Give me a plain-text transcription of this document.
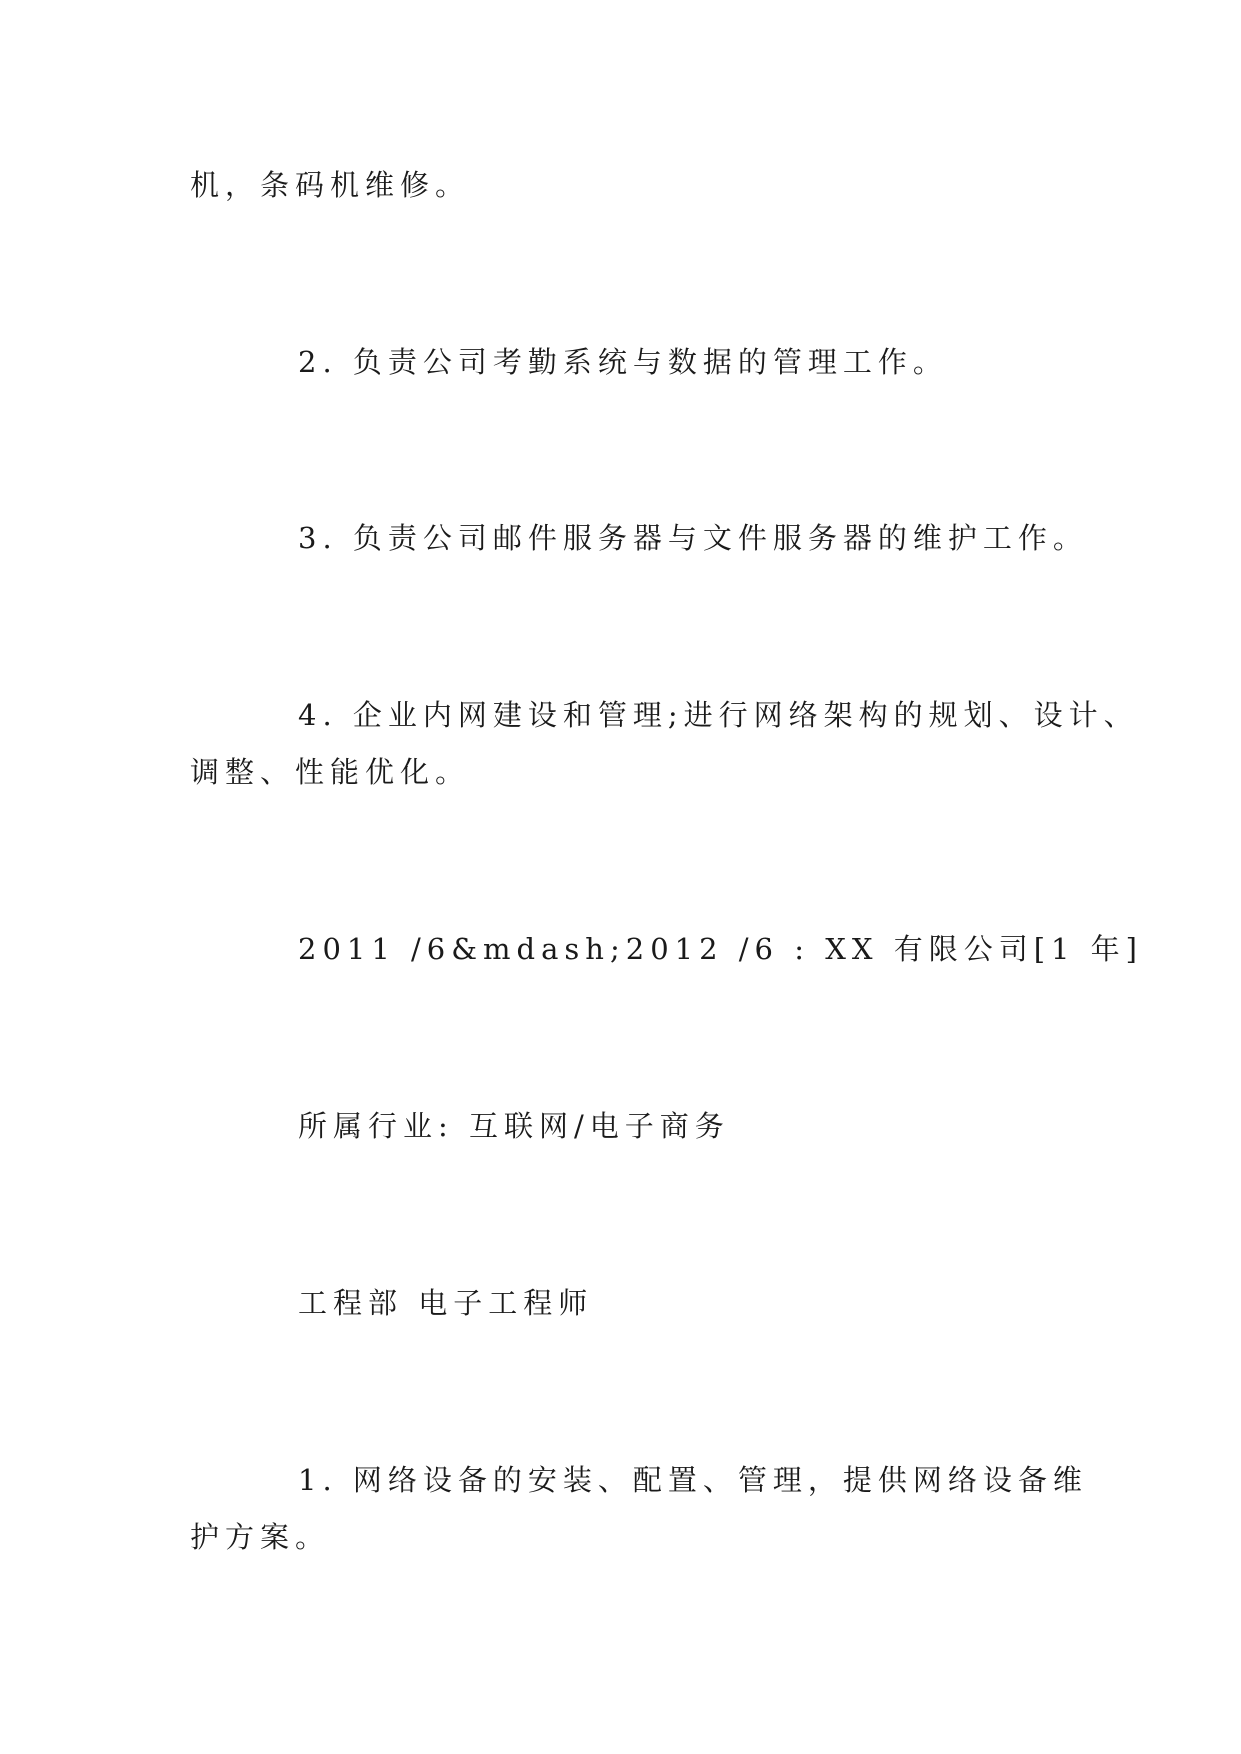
机，条码机维修。
2. 负责公司考勤系统与数据的管理工作。
3. 负责公司邮件服务器与文件服务器的维护工作。
4. 企业内网建设和管理;进行网络架构的规划、设计、
调整、性能优化。
2011 /6&mdash;2012 /6 : XX 有限公司[1 年]
所属行业: 互联网/电子商务
工程部 电子工程师
1. 网络设备的安装、配置、管理，提供网络设备维
护方案。
